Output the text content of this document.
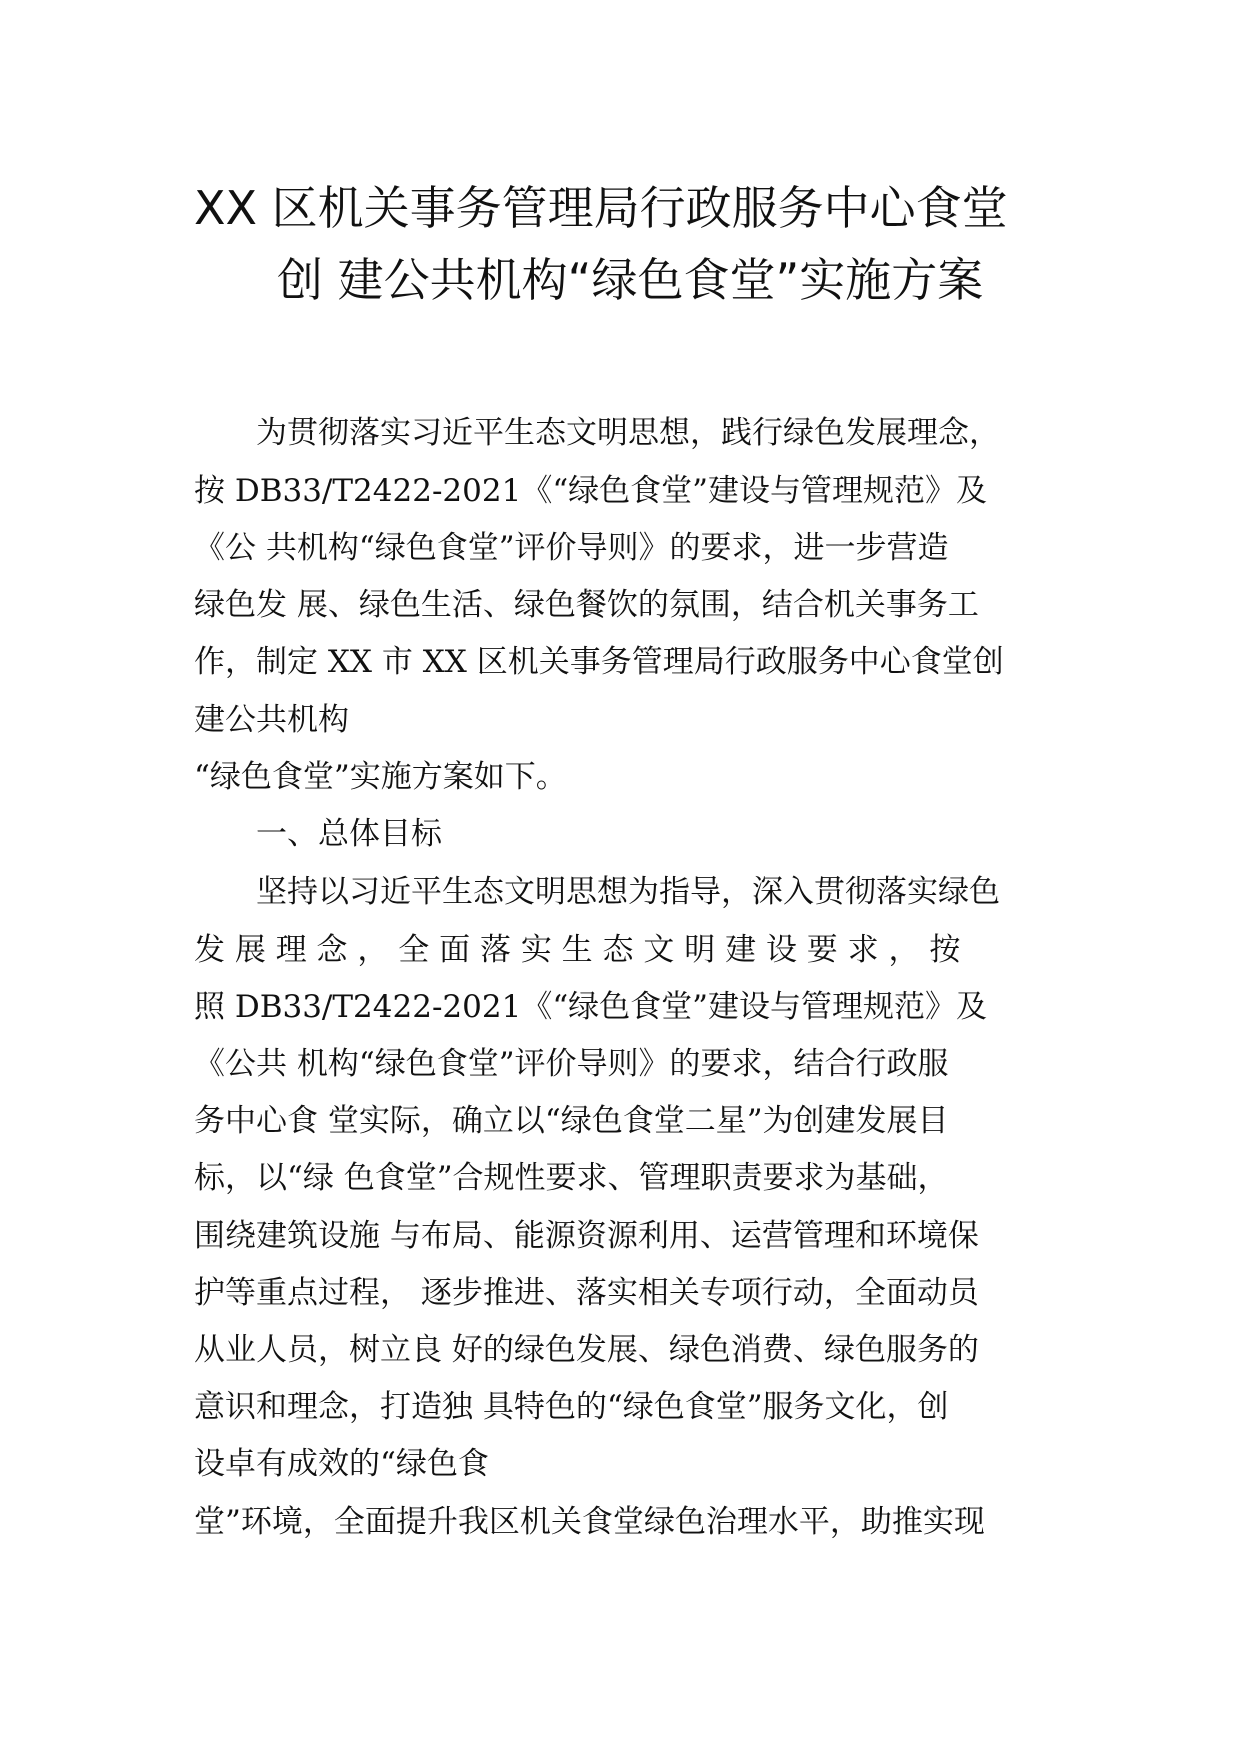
XX 区机关事务管理局行政服务中心食堂
创 建公共机构“绿色食堂”实施方案
为贯彻落实习近平生态文明思想，践行绿色发展理念，
按 DB33/T2422-2021《“绿色食堂”建设与管理规范》及
《公 共机构“绿色食堂”评价导则》的要求，进一步营造
绿色发 展、绿色生活、绿色餐饮的氛围，结合机关事务工
作，制定 XX 市 XX 区机关事务管理局行政服务中心食堂创
建公共机构
“绿色食堂”实施方案如下。
一、总体目标
坚持以习近平生态文明思想为指导，深入贯彻落实绿色
发 展 理 念 ， 全 面 落 实 生 态 文 明 建 设 要 求 ， 按
照 DB33/T2422-2021《“绿色食堂”建设与管理规范》及
《公共 机构“绿色食堂”评价导则》的要求，结合行政服
务中心食 堂实际，确立以“绿色食堂二星”为创建发展目
标，以“绿 色食堂”合规性要求、管理职责要求为基础，
围绕建筑设施 与布局、能源资源利用、运营管理和环境保
护等重点过程， 逐步推进、落实相关专项行动，全面动员
从业人员，树立良 好的绿色发展、绿色消费、绿色服务的
意识和理念，打造独 具特色的“绿色食堂”服务文化，创
设卓有成效的“绿色食
堂”环境，全面提升我区机关食堂绿色治理水平，助推实现
